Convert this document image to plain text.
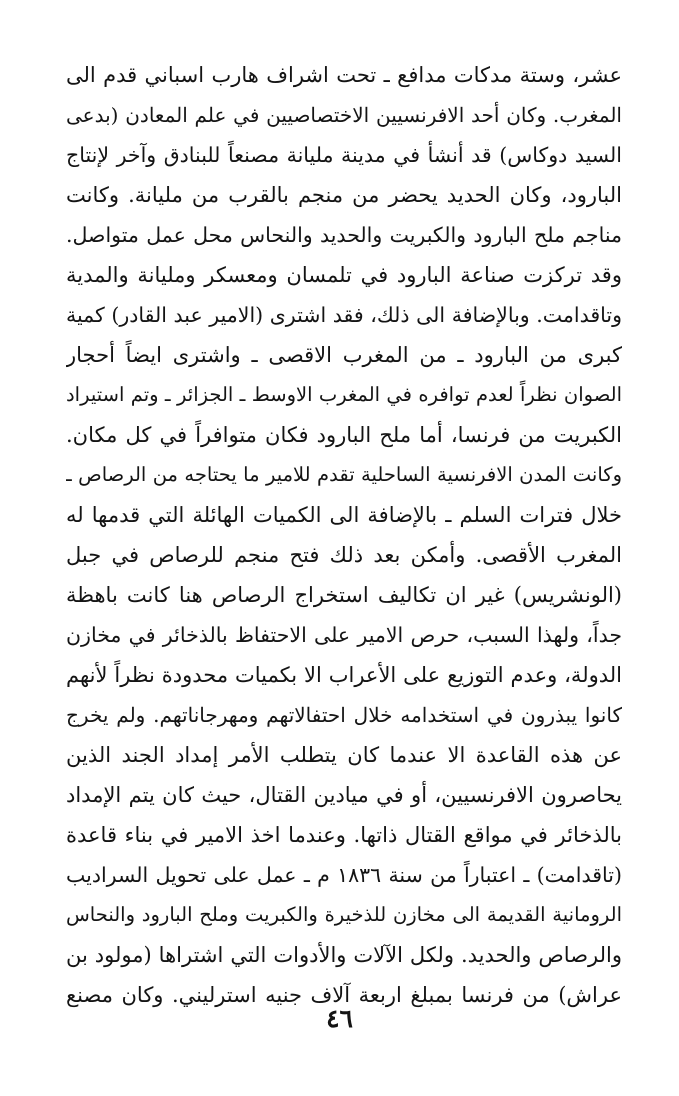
عشر، وستة مدكات مدافع ـ تحت اشراف هارب اسباني قدم الى
المغرب. وكان أحد الافرنسيين الاختصاصيين في علم المعادن (بدعى
السيد دوكاس) قد أنشأ في مدينة مليانة مصنعاً للبنادق وآخر لإنتاج
البارود، وكان الحديد يحضر من منجم بالقرب من مليانة. وكانت
مناجم ملح البارود والكبريت والحديد والنحاس محل عمل متواصل.
وقد تركزت صناعة البارود في تلمسان ومعسكر ومليانة والمدية
وتاقدامت. وبالإضافة الى ذلك، فقد اشترى (الامير عبد القادر) كمية
كبرى من البارود ـ من المغرب الاقصى ـ واشترى ايضاً أحجار
الصوان نظراً لعدم توافره في المغرب الاوسط ـ الجزائر ـ وتم استيراد
الكبريت من فرنسا، أما ملح البارود فكان متوافراً في كل مكان.
وكانت المدن الافرنسية الساحلية تقدم للامير ما يحتاجه من الرصاص ـ
خلال فترات السلم ـ بالإضافة الى الكميات الهائلة التي قدمها له
المغرب الأقصى. وأمكن بعد ذلك فتح منجم للرصاص في جبل
(الونشريس) غير ان تكاليف استخراج الرصاص هنا كانت باهظة
جداً، ولهذا السبب، حرص الامير على الاحتفاظ بالذخائر في مخازن
الدولة، وعدم التوزيع على الأعراب الا بكميات محدودة نظراً لأنهم
كانوا يبذرون في استخدامه خلال احتفالاتهم ومهرجاناتهم. ولم يخرج
عن هذه القاعدة الا عندما كان يتطلب الأمر إمداد الجند الذين
يحاصرون الافرنسيين، أو في ميادين القتال، حيث كان يتم الإمداد
بالذخائر في مواقع القتال ذاتها. وعندما اخذ الامير في بناء قاعدة
(تاقدامت) ـ اعتباراً من سنة ١٨٣٦ م ـ عمل على تحويل السراديب
الرومانية القديمة الى مخازن للذخيرة والكبريت وملح البارود والنحاس
والرصاص والحديد. ولكل الآلات والأدوات التي اشتراها (مولود بن
عراش) من فرنسا بمبلغ اربعة آلاف جنيه استرليني. وكان مصنع
٤٦
